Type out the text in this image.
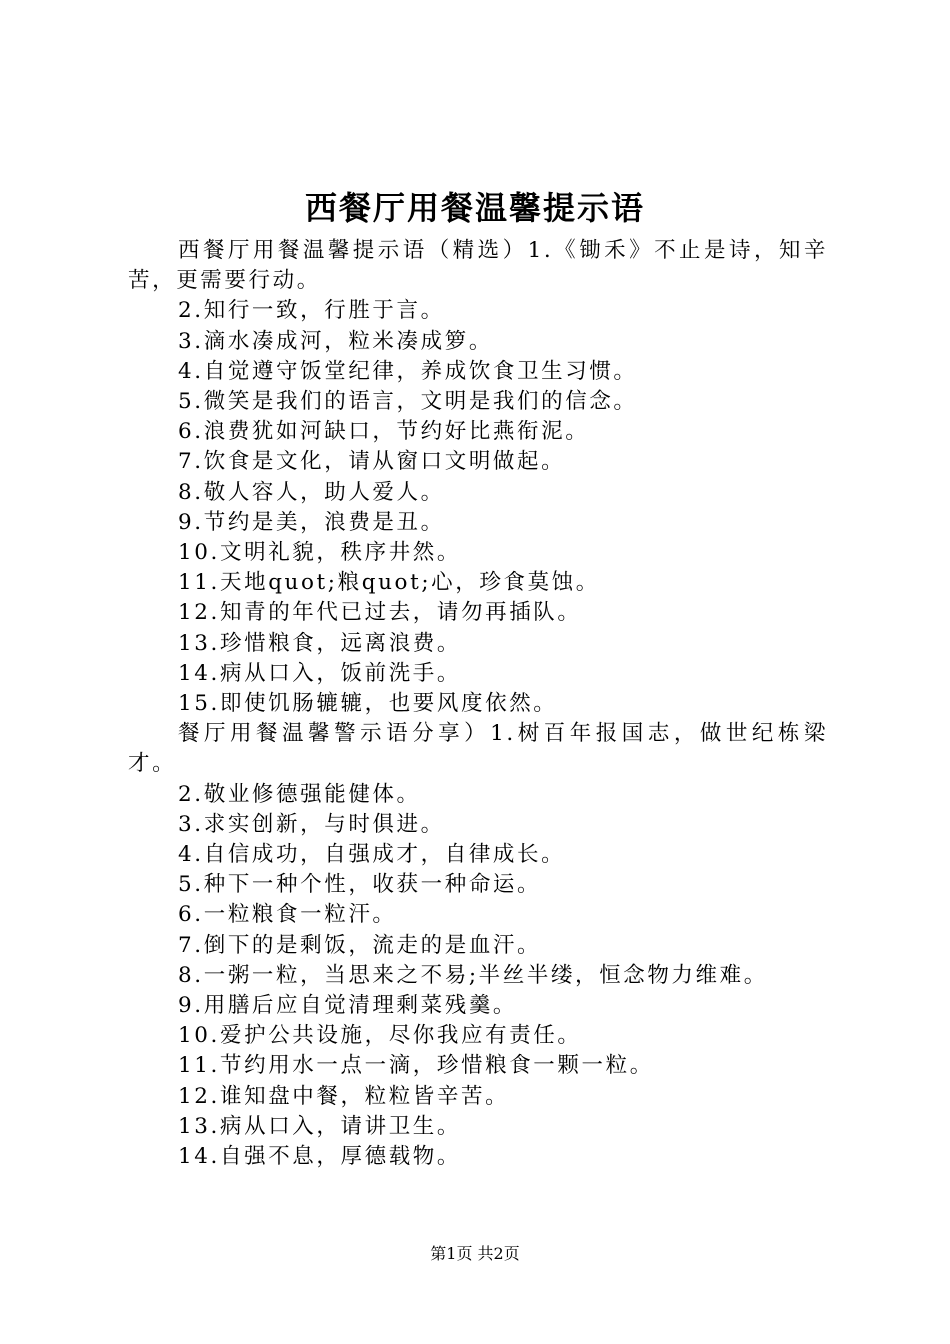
西餐厅用餐温馨提示语

西餐厅用餐温馨提示语（精选）1.《锄禾》不止是诗，知辛苦，更需要行动。

2.知行一致，行胜于言。

3.滴水凑成河，粒米凑成箩。

4.自觉遵守饭堂纪律，养成饮食卫生习惯。

5.微笑是我们的语言，文明是我们的信念。

6.浪费犹如河缺口，节约好比燕衔泥。

7.饮食是文化，请从窗口文明做起。

8.敬人容人，助人爱人。

9.节约是美，浪费是丑。

10.文明礼貌，秩序井然。

11.天地quot;粮quot;心，珍食莫蚀。

12.知青的年代已过去，请勿再插队。

13.珍惜粮食，远离浪费。

14.病从口入，饭前洗手。

15.即使饥肠辘辘，也要风度依然。

餐厅用餐温馨警示语分享）1.树百年报国志，做世纪栋梁才。

2.敬业修德强能健体。

3.求实创新，与时俱进。

4.自信成功，自强成才，自律成长。

5.种下一种个性，收获一种命运。

6.一粒粮食一粒汗。

7.倒下的是剩饭，流走的是血汗。

8.一粥一粒，当思来之不易;半丝半缕，恒念物力维难。

9.用膳后应自觉清理剩菜残羹。

10.爱护公共设施，尽你我应有责任。

11.节约用水一点一滴，珍惜粮食一颗一粒。

12.谁知盘中餐，粒粒皆辛苦。

13.病从口入，请讲卫生。

14.自强不息，厚德载物。

第1页 共2页
